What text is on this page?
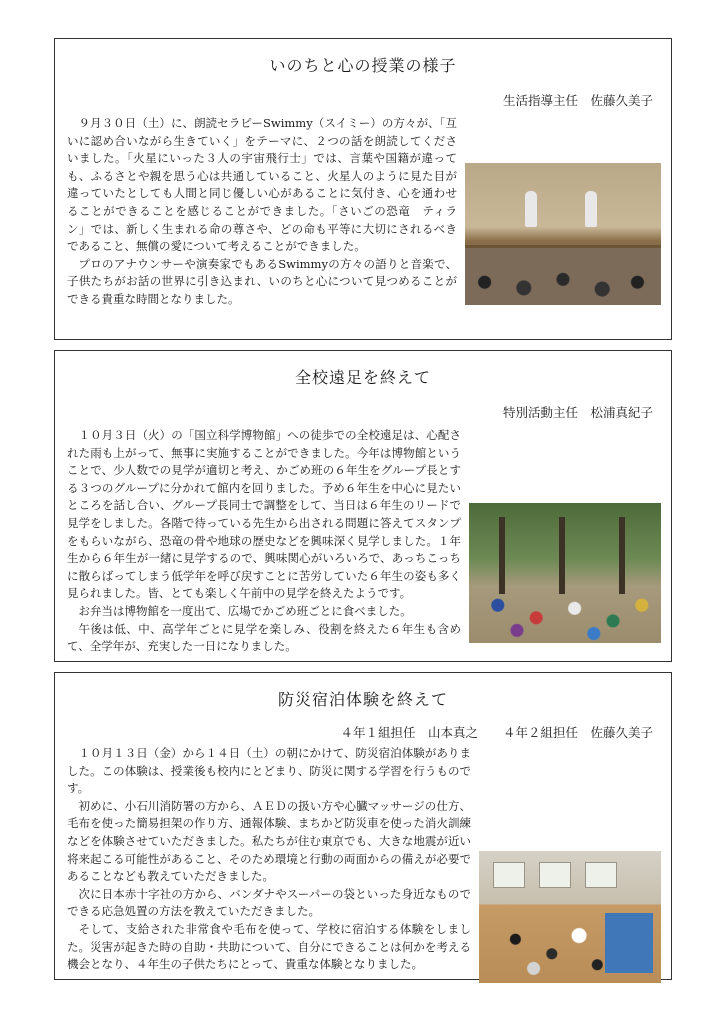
いのちと心の授業の様子
生活指導主任　佐藤久美子

９月３０日（土）に、朗読セラピーSwimmy（スイミー）の方々が、「互いに認め合いながら生きていく」をテーマに、２つの話を朗読してくださいました。「火星にいった３人の宇宙飛行士」では、言葉や国籍が違っても、ふるさとや親を思う心は共通していること、火星人のように見た目が違っていたとしても人間と同じ優しい心があることに気付き、心を通わせることができることを感じることができました。「さいごの恐竜　ティラン」では、新しく生まれる命の尊さや、どの命も平等に大切にされるべきであること、無償の愛について考えることができました。

プロのアナウンサーや演奏家でもあるSwimmyの方々の語りと音楽で、子供たちがお話の世界に引き込まれ、いのちと心について見つめることができる貴重な時間となりました。

全校遠足を終えて
特別活動主任　松浦真紀子

１０月３日（火）の「国立科学博物館」への徒歩での全校遠足は、心配された雨も上がって、無事に実施することができました。今年は博物館ということで、少人数での見学が適切と考え、かごめ班の６年生をグループ長とする３つのグループに分かれて館内を回りました。予め６年生を中心に見たいところを話し合い、グループ長同士で調整をして、当日は６年生のリードで見学をしました。各階で待っている先生から出される問題に答えてスタンプをもらいながら、恐竜の骨や地球の歴史などを興味深く見学しました。１年生から６年生が一緒に見学するので、興味関心がいろいろで、あっちこっちに散らばってしまう低学年を呼び戻すことに苦労していた６年生の姿も多く見られました。皆、とても楽しく午前中の見学を終えたようです。

お弁当は博物館を一度出て、広場でかごめ班ごとに食べました。

午後は低、中、高学年ごとに見学を楽しみ、役割を終えた６年生も含めて、全学年が、充実した一日になりました。

防災宿泊体験を終えて
４年１組担任　山本真之　　４年２組担任　佐藤久美子

１０月１３日（金）から１４日（土）の朝にかけて、防災宿泊体験がありました。この体験は、授業後も校内にとどまり、防災に関する学習を行うものです。

初めに、小石川消防署の方から、ＡＥＤの扱い方や心臓マッサージの仕方、毛布を使った簡易担架の作り方、通報体験、まちかど防災車を使った消火訓練などを体験させていただきました。私たちが住む東京でも、大きな地震が近い将来起こる可能性があること、そのため環境と行動の両面からの備えが必要であることなども教えていただきました。

次に日本赤十字社の方から、バンダナやスーパーの袋といった身近なものでできる応急処置の方法を教えていただきました。

そして、支給された非常食や毛布を使って、学校に宿泊する体験をしました。災害が起きた時の自助・共助について、自分にできることは何かを考える機会となり、４年生の子供たちにとって、貴重な体験となりました。
